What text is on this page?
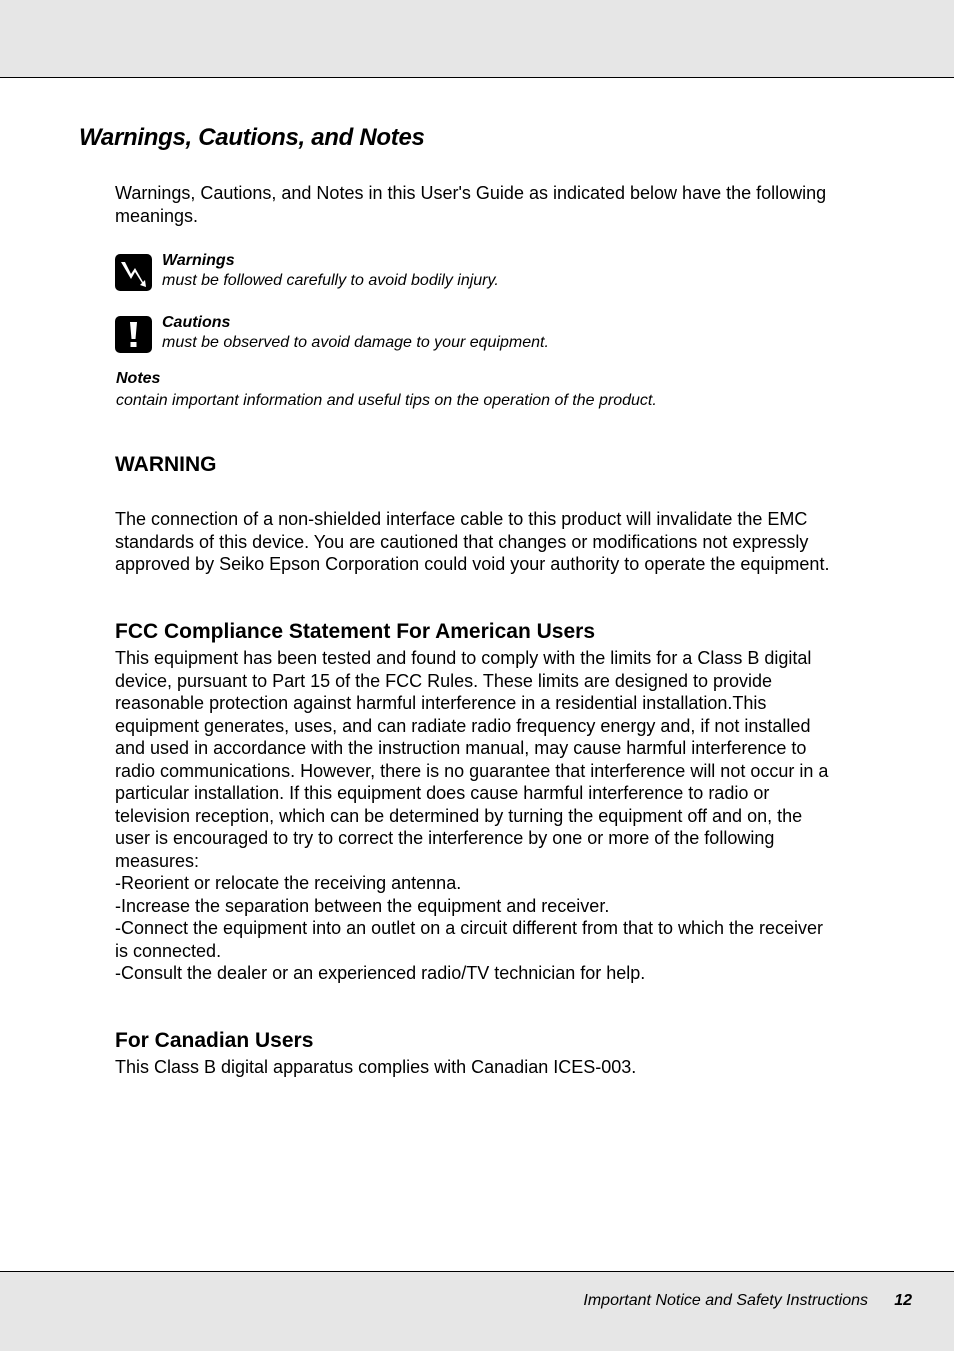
Warnings, Cautions, and Notes
Warnings, Cautions, and Notes in this User's Guide as indicated below have the following
meanings.
Warnings
must be followed carefully to avoid bodily injury.
Cautions
must be observed to avoid damage to your equipment.
Notes
contain important information and useful tips on the operation of the product.
WARNING
The connection of a non-shielded interface cable to this product will invalidate the EMC
standards of this device. You are cautioned that changes or modifications not expressly
approved by Seiko Epson Corporation could void your authority to operate the equipment.
FCC Compliance Statement For American Users
This equipment has been tested and found to comply with the limits for a Class B digital
device, pursuant to Part 15 of the FCC Rules. These limits are designed to provide
reasonable protection against harmful interference in a residential installation.This
equipment generates, uses, and can radiate radio frequency energy and, if not installed
and used in accordance with the instruction manual, may cause harmful interference to
radio communications. However, there is no guarantee that interference will not occur in a
particular installation. If this equipment does cause harmful interference to radio or
television reception, which can be determined by turning the equipment off and on, the
user is encouraged to try to correct the interference by one or more of the following
measures:
-Reorient or relocate the receiving antenna.
-Increase the separation between the equipment and receiver.
-Connect the equipment into an outlet on a circuit different from that to which the receiver
is connected.
-Consult the dealer or an experienced radio/TV technician for help.
For Canadian Users
This Class B digital apparatus complies with Canadian ICES-003.
Important Notice and Safety Instructions 12
